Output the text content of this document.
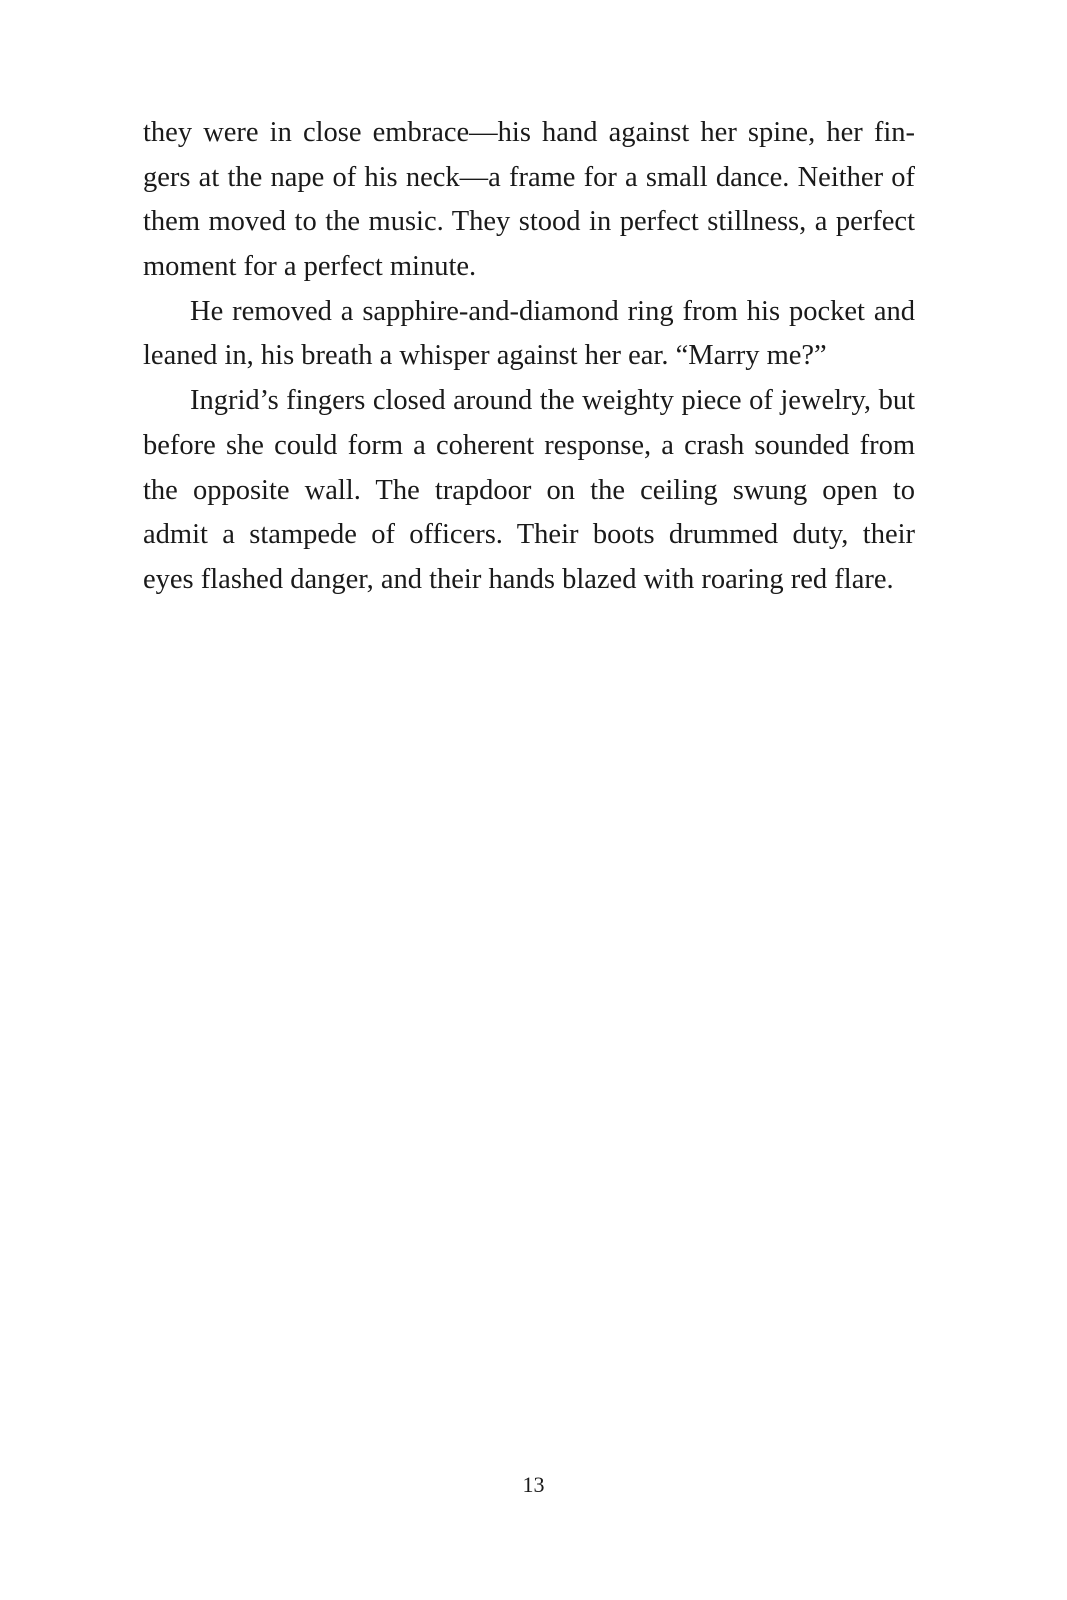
they were in close embrace—his hand against her spine, her fin-
gers at the nape of his neck—a frame for a small dance. Neither of
them moved to the music. They stood in perfect stillness, a perfect
moment for a perfect minute.
He removed a sapphire-and-diamond ring from his pocket and
leaned in, his breath a whisper against her ear. “Marry me?”
Ingrid’s fingers closed around the weighty piece of jewelry, but
before she could form a coherent response, a crash sounded from
the opposite wall. The trapdoor on the ceiling swung open to
admit a stampede of officers. Their boots drummed duty, their
eyes flashed danger, and their hands blazed with roaring red flare.
13
